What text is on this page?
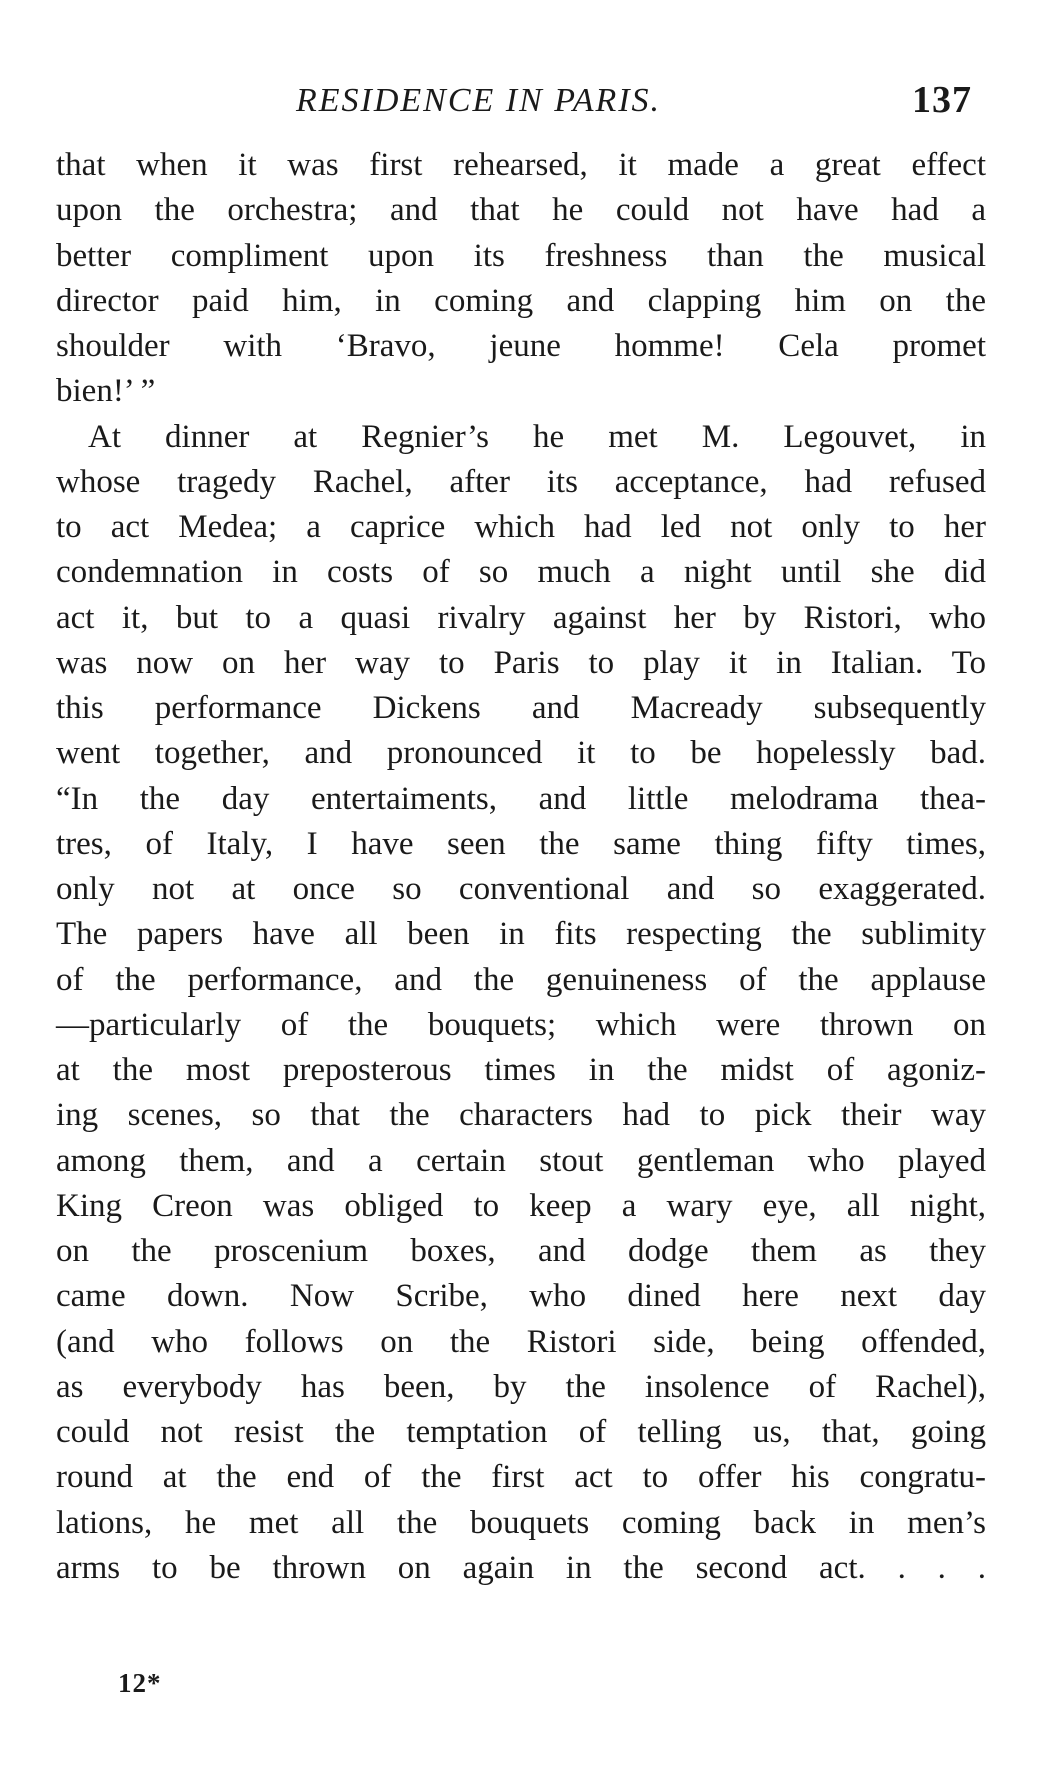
RESIDENCE IN PARIS.	137
that when it was first rehearsed, it made a great effect
upon the orchestra; and that he could not have had a
better compliment upon its freshness than the musical
director paid him, in coming and clapping him on the
shoulder with ‘Bravo, jeune homme! Cela promet
bien!’ ”
At dinner at Regnier’s he met M. Legouvet, in
whose tragedy Rachel, after its acceptance, had refused
to act Medea; a caprice which had led not only to her
condemnation in costs of so much a night until she did
act it, but to a quasi rivalry against her by Ristori, who
was now on her way to Paris to play it in Italian. To
this performance Dickens and Macready subsequently
went together, and pronounced it to be hopelessly bad.
“In the day entertaiments, and little melodrama thea-
tres, of Italy, I have seen the same thing fifty times,
only not at once so conventional and so exaggerated.
The papers have all been in fits respecting the sublimity
of the performance, and the genuineness of the applause
—particularly of the bouquets; which were thrown on
at the most preposterous times in the midst of agoniz-
ing scenes, so that the characters had to pick their way
among them, and a certain stout gentleman who played
King Creon was obliged to keep a wary eye, all night,
on the proscenium boxes, and dodge them as they
came down. Now Scribe, who dined here next day
(and who follows on the Ristori side, being offended,
as everybody has been, by the insolence of Rachel),
could not resist the temptation of telling us, that, going
round at the end of the first act to offer his congratu-
lations, he met all the bouquets coming back in men’s
arms to be thrown on again in the second act. . . .
12*
